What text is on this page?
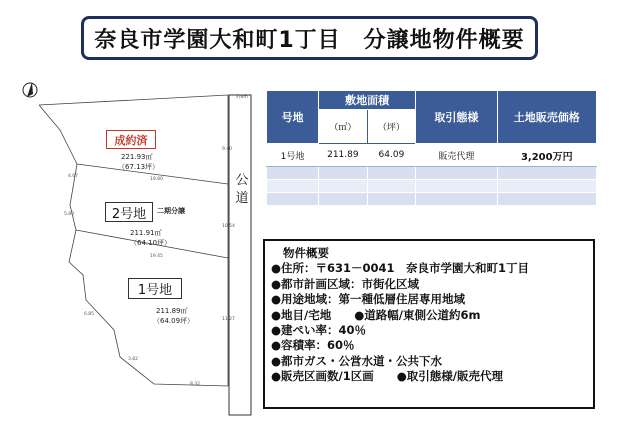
奈良市学園大和町1丁目　分譲地物件概要
約6m
公
道
19.80
19.45
8.32
9.40
10.54
11.27
4.67
5.80
6.85
3.82
成約済
221.93㎡
（67.13坪）
2号地	二期分譲
211.91㎡
（64.10坪）
1号地
211.89㎡
（64.09坪）
号地	敷地面積		取引態様	土地販売価格
	（㎡）	（坪）		
1号地	211.89	64.09	販売代理	3,200万円

物件概要
●住所：〒631－0041　奈良市学園大和町1丁目
●都市計画区域：市街化区域
●用途地域：第一種低層住居専用地域
●地目/宅地　　●道路幅/東側公道約6m
●建ぺい率：40％
●容積率：60％
●都市ガス・公営水道・公共下水
●販売区画数/1区画　　●取引態様/販売代理
